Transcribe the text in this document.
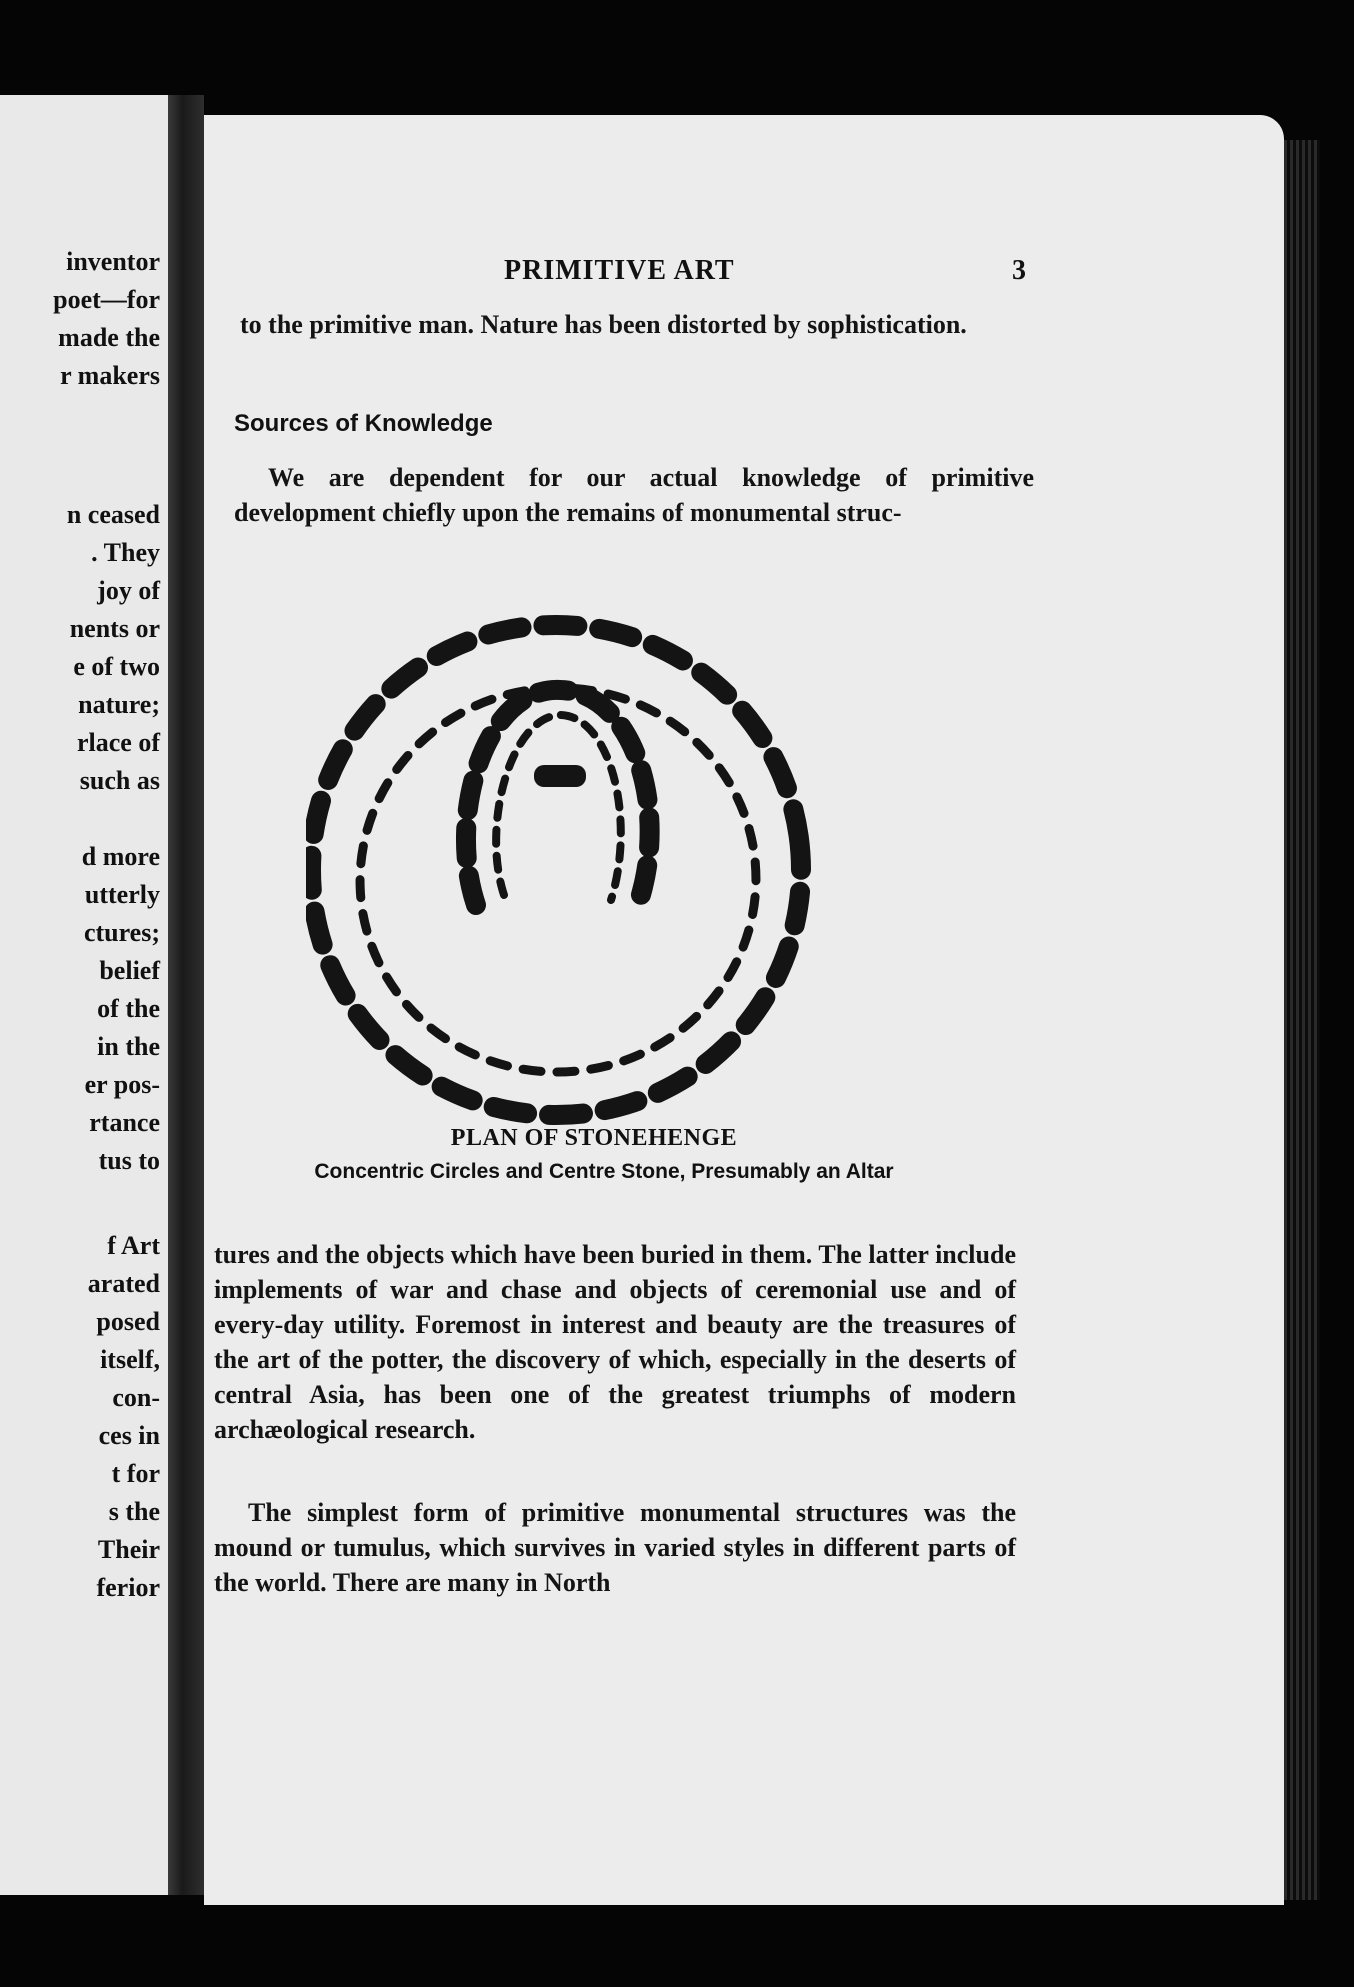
inventor

poet—for

made the

r makers

n ceased

. They

joy of

nents or

e of two

nature;

rlace of

such as

d more

utterly

ctures;

belief

of the

in the

er pos-

rtance

tus to

f Art

arated

posed

itself,

con-

ces in

t for

s the

Their

ferior

PRIMITIVE ART	3

to the primitive man. Nature has been distorted by sophistication.

Sources of Knowledge

We are dependent for our actual knowledge of primitive development chiefly upon the remains of monumental struc-

PLAN OF STONEHENGE
Concentric Circles and Centre Stone, Presumably an Altar

tures and the objects which have been buried in them. The latter include implements of war and chase and objects of ceremonial use and of every-day utility. Foremost in interest and beauty are the treasures of the art of the potter, the discovery of which, especially in the deserts of central Asia, has been one of the greatest triumphs of modern archæological research.

The simplest form of primitive monumental structures was the mound or tumulus, which survives in varied styles in different parts of the world. There are many in North
